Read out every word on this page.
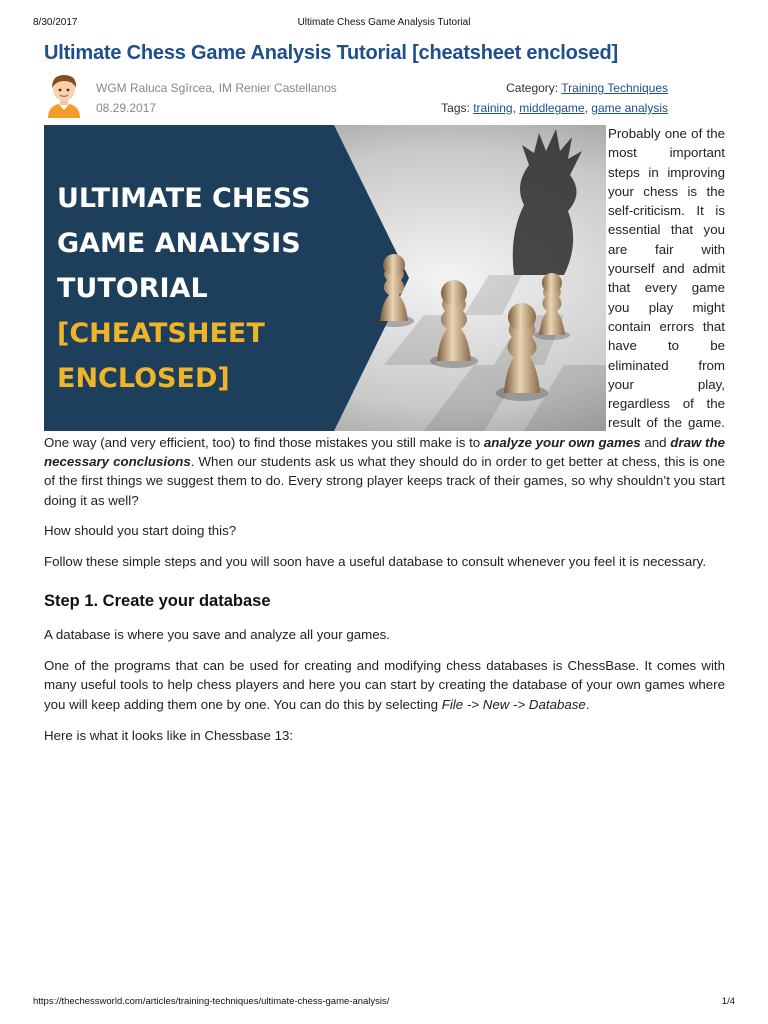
8/30/2017	Ultimate Chess Game Analysis Tutorial
Ultimate Chess Game Analysis Tutorial [cheatsheet enclosed]
WGM Raluca Sgîrcea, IM Renier Castellanos
08.29.2017
Category: Training Techniques
Tags: training, middlegame, game analysis
ULTIMATE CHESS
GAME ANALYSIS
TUTORIAL
[CHEATSHEET
ENCLOSED]

Probably one of the most important steps in improving your chess is the self-criticism. It is essential that you are fair with yourself and admit that every game you play might contain errors that have to be eliminated from your play, regardless of the result of the game. One way (and very efficient, too) to find those mistakes you still make is to analyze your own games and draw the necessary conclusions. When our students ask us what they should do in order to get better at chess, this is one of the first things we suggest them to do. Every strong player keeps track of their games, so why shouldn’t you start doing it as well?

How should you start doing this?

Follow these simple steps and you will soon have a useful database to consult whenever you feel it is necessary.

Step 1. Create your database

A database is where you save and analyze all your games.

One of the programs that can be used for creating and modifying chess databases is ChessBase. It comes with many useful tools to help chess players and here you can start by creating the database of your own games where you will keep adding them one by one. You can do this by selecting File -> New -> Database.

Here is what it looks like in Chessbase 13:

https://thechessworld.com/articles/training-techniques/ultimate-chess-game-analysis/	1/4
